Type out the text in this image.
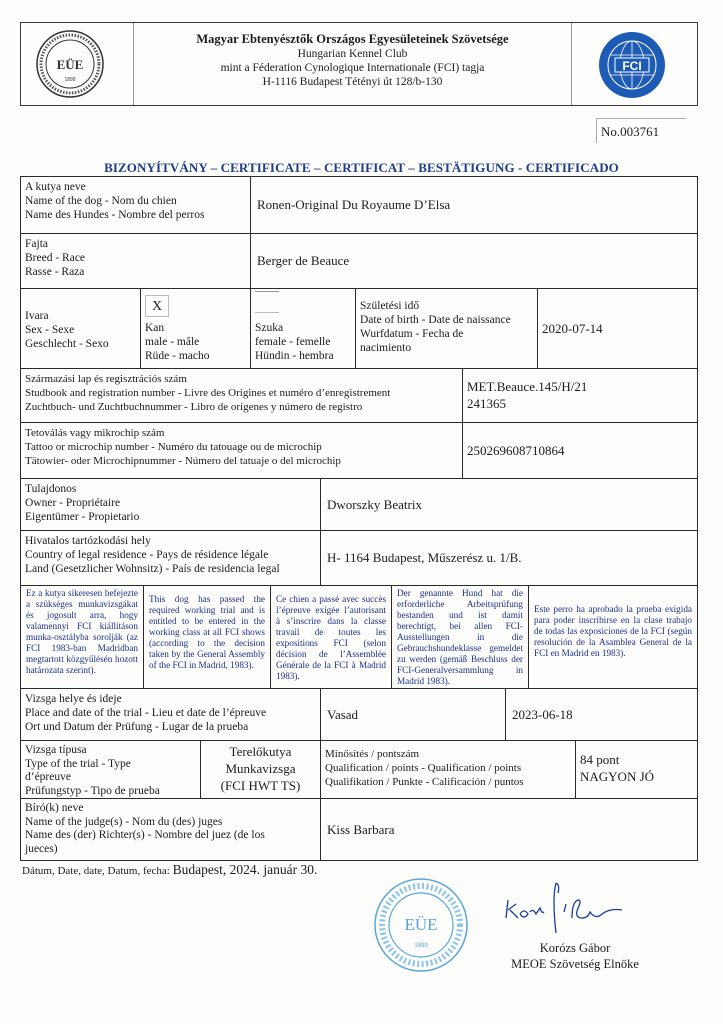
EÜE
1899
Magyar Ebtenyésztők Országos Egyesületeinek Szövetsége
Hungarian Kennel Club
mint a Féderation Cynologique Internationale (FCI) tagja
H-1116 Budapest Tétényi út 128/b-130
FCI
No.003761
BIZONYÍTVÁNY – CERTIFICATE – CERTIFICAT – BESTÄTIGUNG - CERTIFICADO
A kutya neve
Name of the dog - Nom du chien
Name des Hundes - Nombre del perros
Ronen-Original Du Royaume D’Elsa
Fajta
Breed - Race
Rasse - Raza
Berger de Beauce
Ivara
Sex - Sexe
Geschlecht - Sexo
X
Kan
male - mâle
Rüde - macho
Szuka
female - femelle
Hündin - hembra
Születési idő
Date of birth - Date de naissance
Wurfdatum - Fecha de
nacimiento
2020-07-14
Származási lap és regisztrációs szám
Studbook and registration number - Livre des Origines et numéro d’enregistrement
Zuchtbuch- und Zuchtbuchnummer - Libro de orígenes y número de registro
MET.Beauce.145/H/21
241365
Tetoválás vagy mikrochip szám
Tattoo or microchip number - Numéro du tatouage ou de microchip
Tätowier- oder Microchipnummer - Número del tatuaje o del microchip
250269608710864
Tulajdonos
Owner - Propriétaire
Eigentümer - Propietario
Dworszky Beatrix
Hivatalos tartózkodási hely
Country of legal residence - Pays de résidence légale
Land (Gesetzlicher Wohnsitz) - País de residencia legal
H- 1164 Budapest, Műszerész u. 1/B.
Ez a kutya sikeresen befejezte a szükséges munkavizsgákat és jogosult arra, hogy valamennyi FCI kiállításon munka-osztályba sorolják (az FCI 1983-ban Madridban megtartott közgyűlésén hozott határozata szerint).
This dog has passed the required working trial and is entitled to be entered in the working class at all FCI shows (according to the decision taken by the General Assembly of the FCI in Madrid, 1983).
Ce chien a passé avec succès l’épreuve exigée l’autorisant à s’inscrire dans la classe travail de toutes les expositions FCI (selon décision de l’Assemblée Générale de la FCI à Madrid 1983).
Der genannte Hund hat die erforderliche Arbeitsprüfung bestanden und ist damit berechtigt, bei allen FCI-Ausstellungen in die Gebrauchshundeklasse gemeldet zu werden (gemäß Beschluss der FCI-Generalversammlung in Madrid 1983).
Este perro ha aprobado la prueba exigida para poder inscribirse en la clase trabajo de todas las exposiciones de la FCI (según resolución de la Asamblea General de la FCI en Madrid en 1983).
Vizsga helye és ideje
Place and date of the trial - Lieu et date de l’épreuve
Ort und Datum der Prüfung - Lugar de la prueba
Vasad	2023-06-18
Vizsga típusa
Type of the trial - Type
d’épreuve
Prüfungstyp - Tipo de prueba
Terelőkutya
Munkavizsga
(FCI HWT TS)
Minősítés / pontszám
Qualification / points - Qualification / points
Qualifikation / Punkte - Calificación / puntos
84 pont
NAGYON JÓ
Bíró(k) neve
Name of the judge(s) - Nom du (des) juges
Name des (der) Richter(s) - Nombre del juez (de los
jueces)
Kiss Barbara
Dátum, Date, date, Datum, fecha: Budapest, 2024. január 30.
EÜE
1899	Korózs Gábor
MEOE Szövetség Elnöke
